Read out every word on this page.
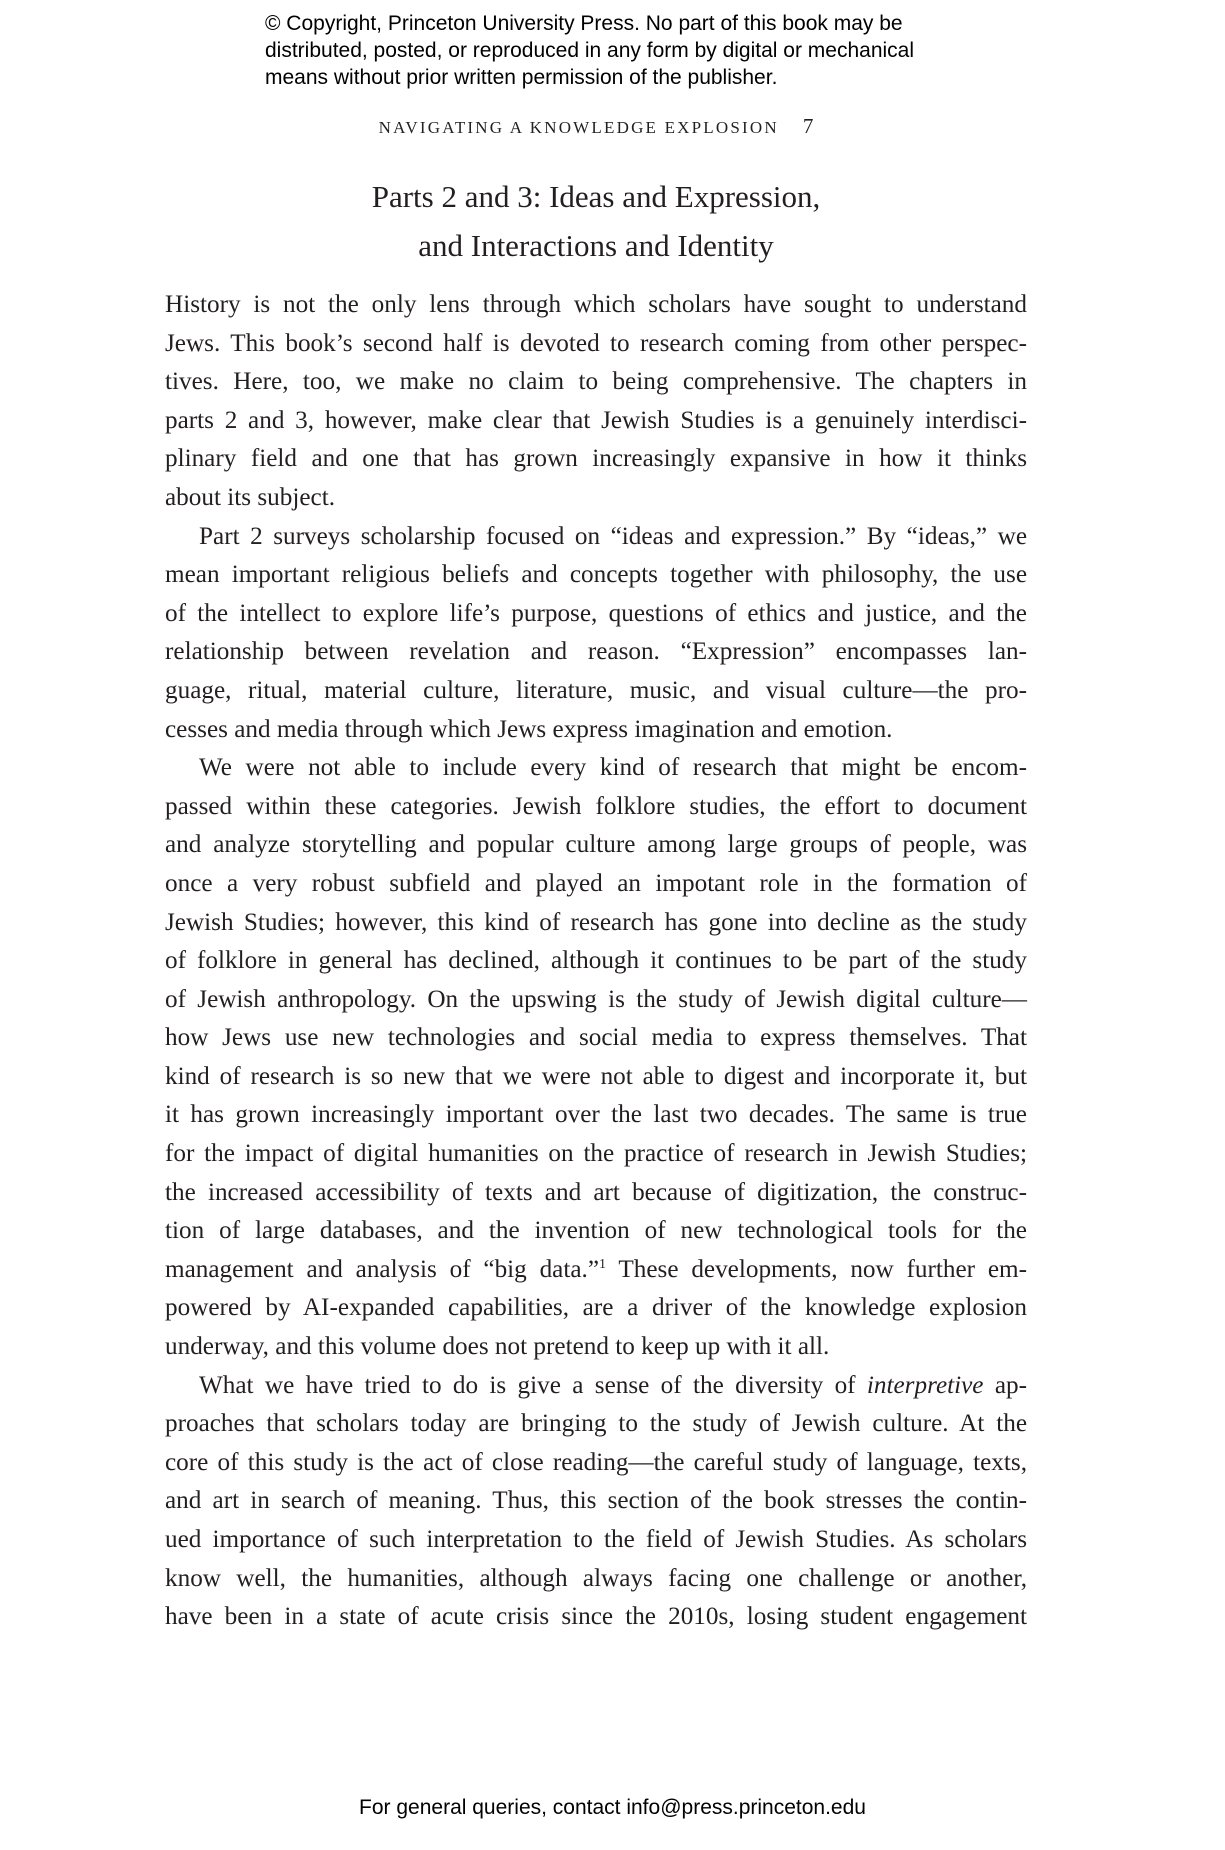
© Copyright, Princeton University Press. No part of this book may be
distributed, posted, or reproduced in any form by digital or mechanical
means without prior written permission of the publisher.
NAVIGATING A KNOWLEDGE EXPLOSION 7
Parts 2 and 3: Ideas and Expression,
and Interactions and Identity
History is not the only lens through which scholars have sought to understand
Jews. This book’s second half is devoted to research coming from other perspec-
tives. Here, too, we make no claim to being comprehensive. The chapters in
parts 2 and 3, however, make clear that Jewish Studies is a genuinely interdisci-
plinary field and one that has grown increasingly expansive in how it thinks
about its subject.
Part 2 surveys scholarship focused on “ideas and expression.” By “ideas,” we
mean important religious beliefs and concepts together with philosophy, the use
of the intellect to explore life’s purpose, questions of ethics and justice, and the
relationship between revelation and reason. “Expression” encompasses lan-
guage, ritual, material culture, literature, music, and visual culture—the pro-
cesses and media through which Jews express imagination and emotion.
We were not able to include every kind of research that might be encom-
passed within these categories. Jewish folklore studies, the effort to document
and analyze storytelling and popular culture among large groups of people, was
once a very robust subfield and played an impotant role in the formation of
Jewish Studies; however, this kind of research has gone into decline as the study
of folklore in general has declined, although it continues to be part of the study
of Jewish anthropology. On the upswing is the study of Jewish digital culture—
how Jews use new technologies and social media to express themselves. That
kind of research is so new that we were not able to digest and incorporate it, but
it has grown increasingly important over the last two decades. The same is true
for the impact of digital humanities on the practice of research in Jewish Studies;
the increased accessibility of texts and art because of digitization, the construc-
tion of large databases, and the invention of new technological tools for the
management and analysis of “big data.”$^1$ These developments, now further em-
powered by AI-expanded capabilities, are a driver of the knowledge explosion
underway, and this volume does not pretend to keep up with it all.
What we have tried to do is give a sense of the diversity of interpretive ap-
proaches that scholars today are bringing to the study of Jewish culture. At the
core of this study is the act of close reading—the careful study of language, texts,
and art in search of meaning. Thus, this section of the book stresses the contin-
ued importance of such interpretation to the field of Jewish Studies. As scholars
know well, the humanities, although always facing one challenge or another,
have been in a state of acute crisis since the 2010s, losing student engagement
For general queries, contact info@press.princeton.edu
